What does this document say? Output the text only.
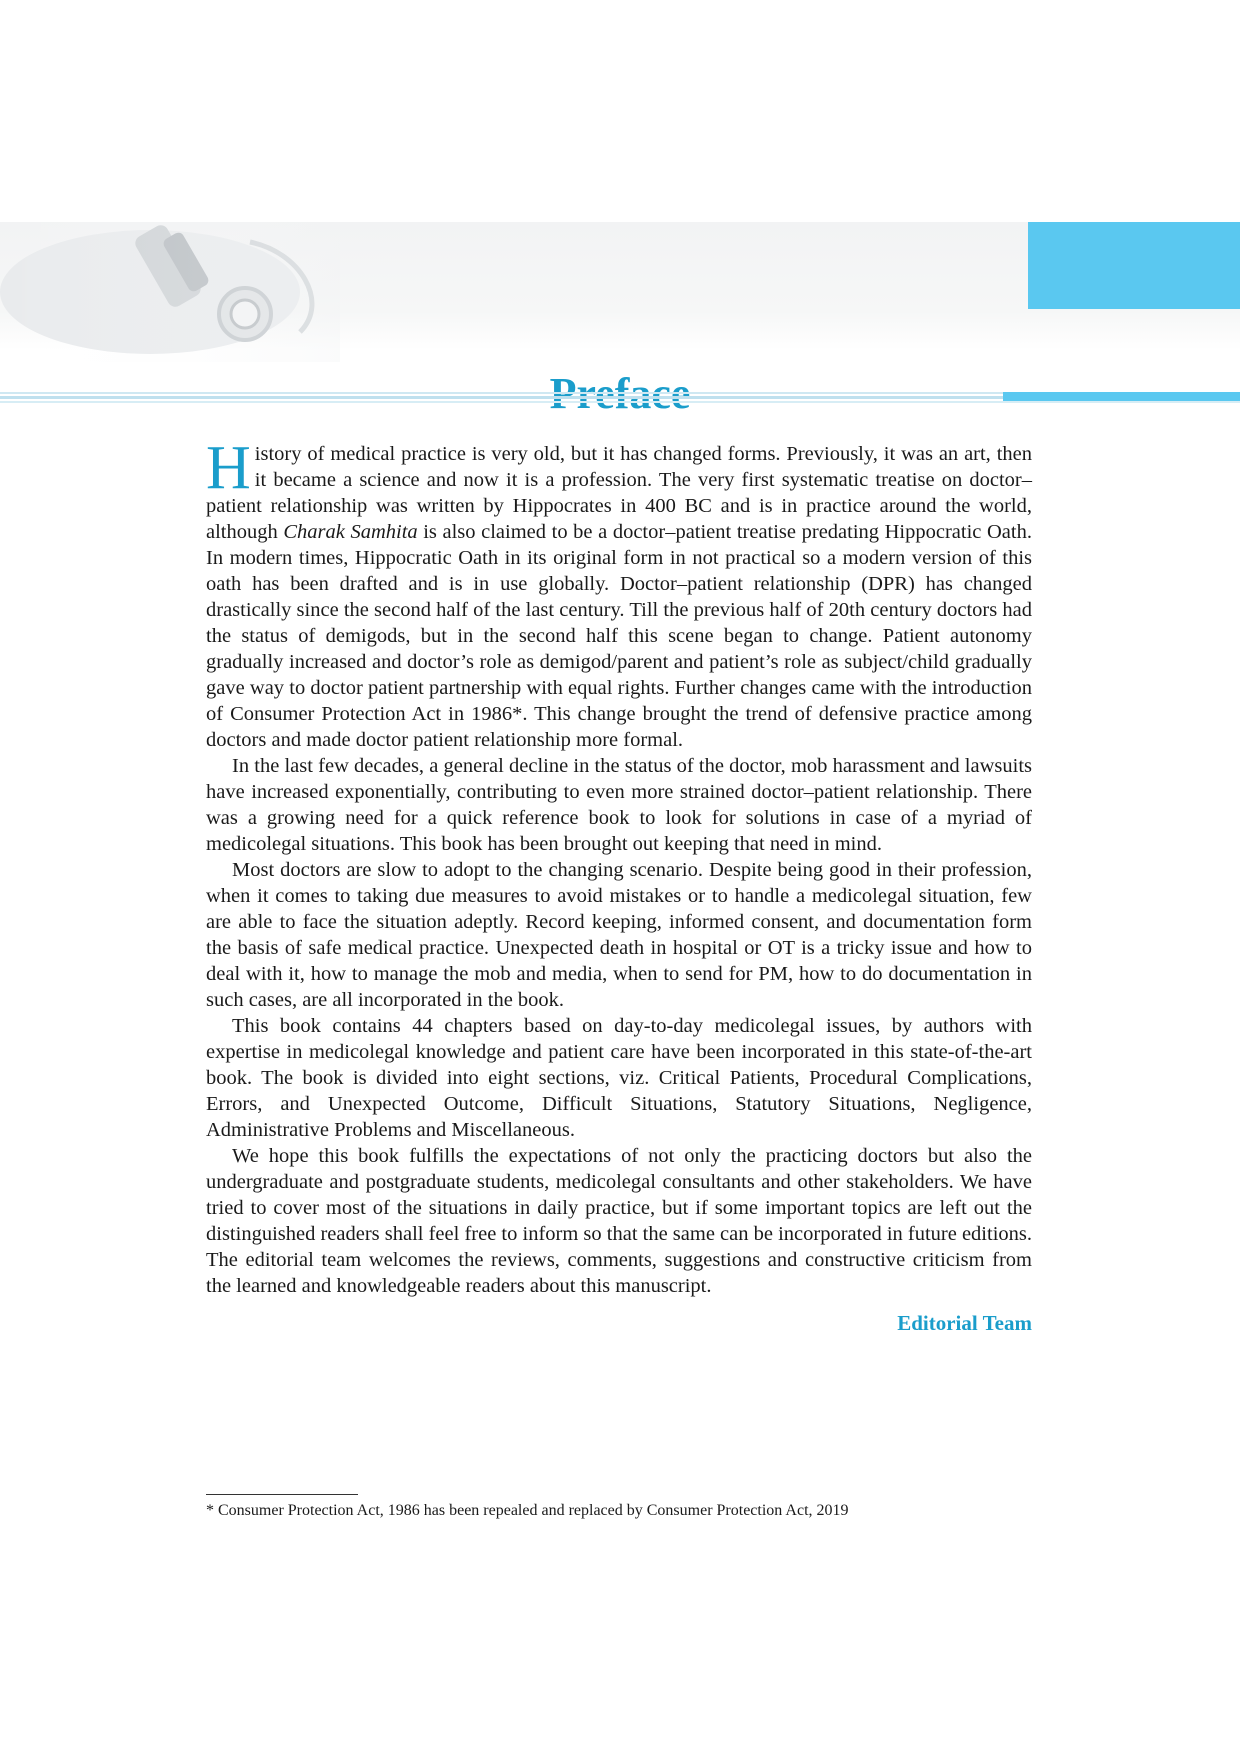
History of medical practice is very old, but it has changed forms. Previously, it was an art, then it became a science and now it is a profession. The very first systematic treatise on doctor–patient relationship was written by Hippocrates in 400 BC and is in practice around the world, although Charak Samhita is also claimed to be a doctor–patient treatise predating Hippocratic Oath. In modern times, Hippocratic Oath in its original form in not practical so a modern version of this oath has been drafted and is in use globally. Doctor–patient relationship (DPR) has changed drastically since the second half of the last century. Till the previous half of 20th century doctors had the status of demigods, but in the second half this scene began to change. Patient autonomy gradually increased and doctor’s role as demigod/parent and patient’s role as subject/child gradually gave way to doctor patient partnership with equal rights. Further changes came with the introduction of Consumer Protection Act in 1986*. This change brought the trend of defensive practice among doctors and made doctor patient relationship more formal.

In the last few decades, a general decline in the status of the doctor, mob harassment and lawsuits have increased exponentially, contributing to even more strained doctor–patient relationship. There was a growing need for a quick reference book to look for solutions in case of a myriad of medicolegal situations. This book has been brought out keeping that need in mind.

Most doctors are slow to adopt to the changing scenario. Despite being good in their profession, when it comes to taking due measures to avoid mistakes or to handle a medicolegal situation, few are able to face the situation adeptly. Record keeping, informed consent, and documentation form the basis of safe medical practice. Unexpected death in hospital or OT is a tricky issue and how to deal with it, how to manage the mob and media, when to send for PM, how to do documentation in such cases, are all incorporated in the book.

This book contains 44 chapters based on day-to-day medicolegal issues, by authors with expertise in medicolegal knowledge and patient care have been incorporated in this state-of-the-art book. The book is divided into eight sections, viz. Critical Patients, Procedural Complications, Errors, and Unexpected Outcome, Difficult Situations, Statutory Situations, Negligence, Administrative Problems and Miscellaneous.

We hope this book fulfills the expectations of not only the practicing doctors but also the undergraduate and postgraduate students, medicolegal consultants and other stakeholders. We have tried to cover most of the situations in daily practice, but if some important topics are left out the distinguished readers shall feel free to inform so that the same can be incorporated in future editions. The editorial team welcomes the reviews, comments, suggestions and constructive criticism from the learned and knowledgeable readers about this manuscript.

Editorial Team
* Consumer Protection Act, 1986 has been repealed and replaced by Consumer Protection Act, 2019
